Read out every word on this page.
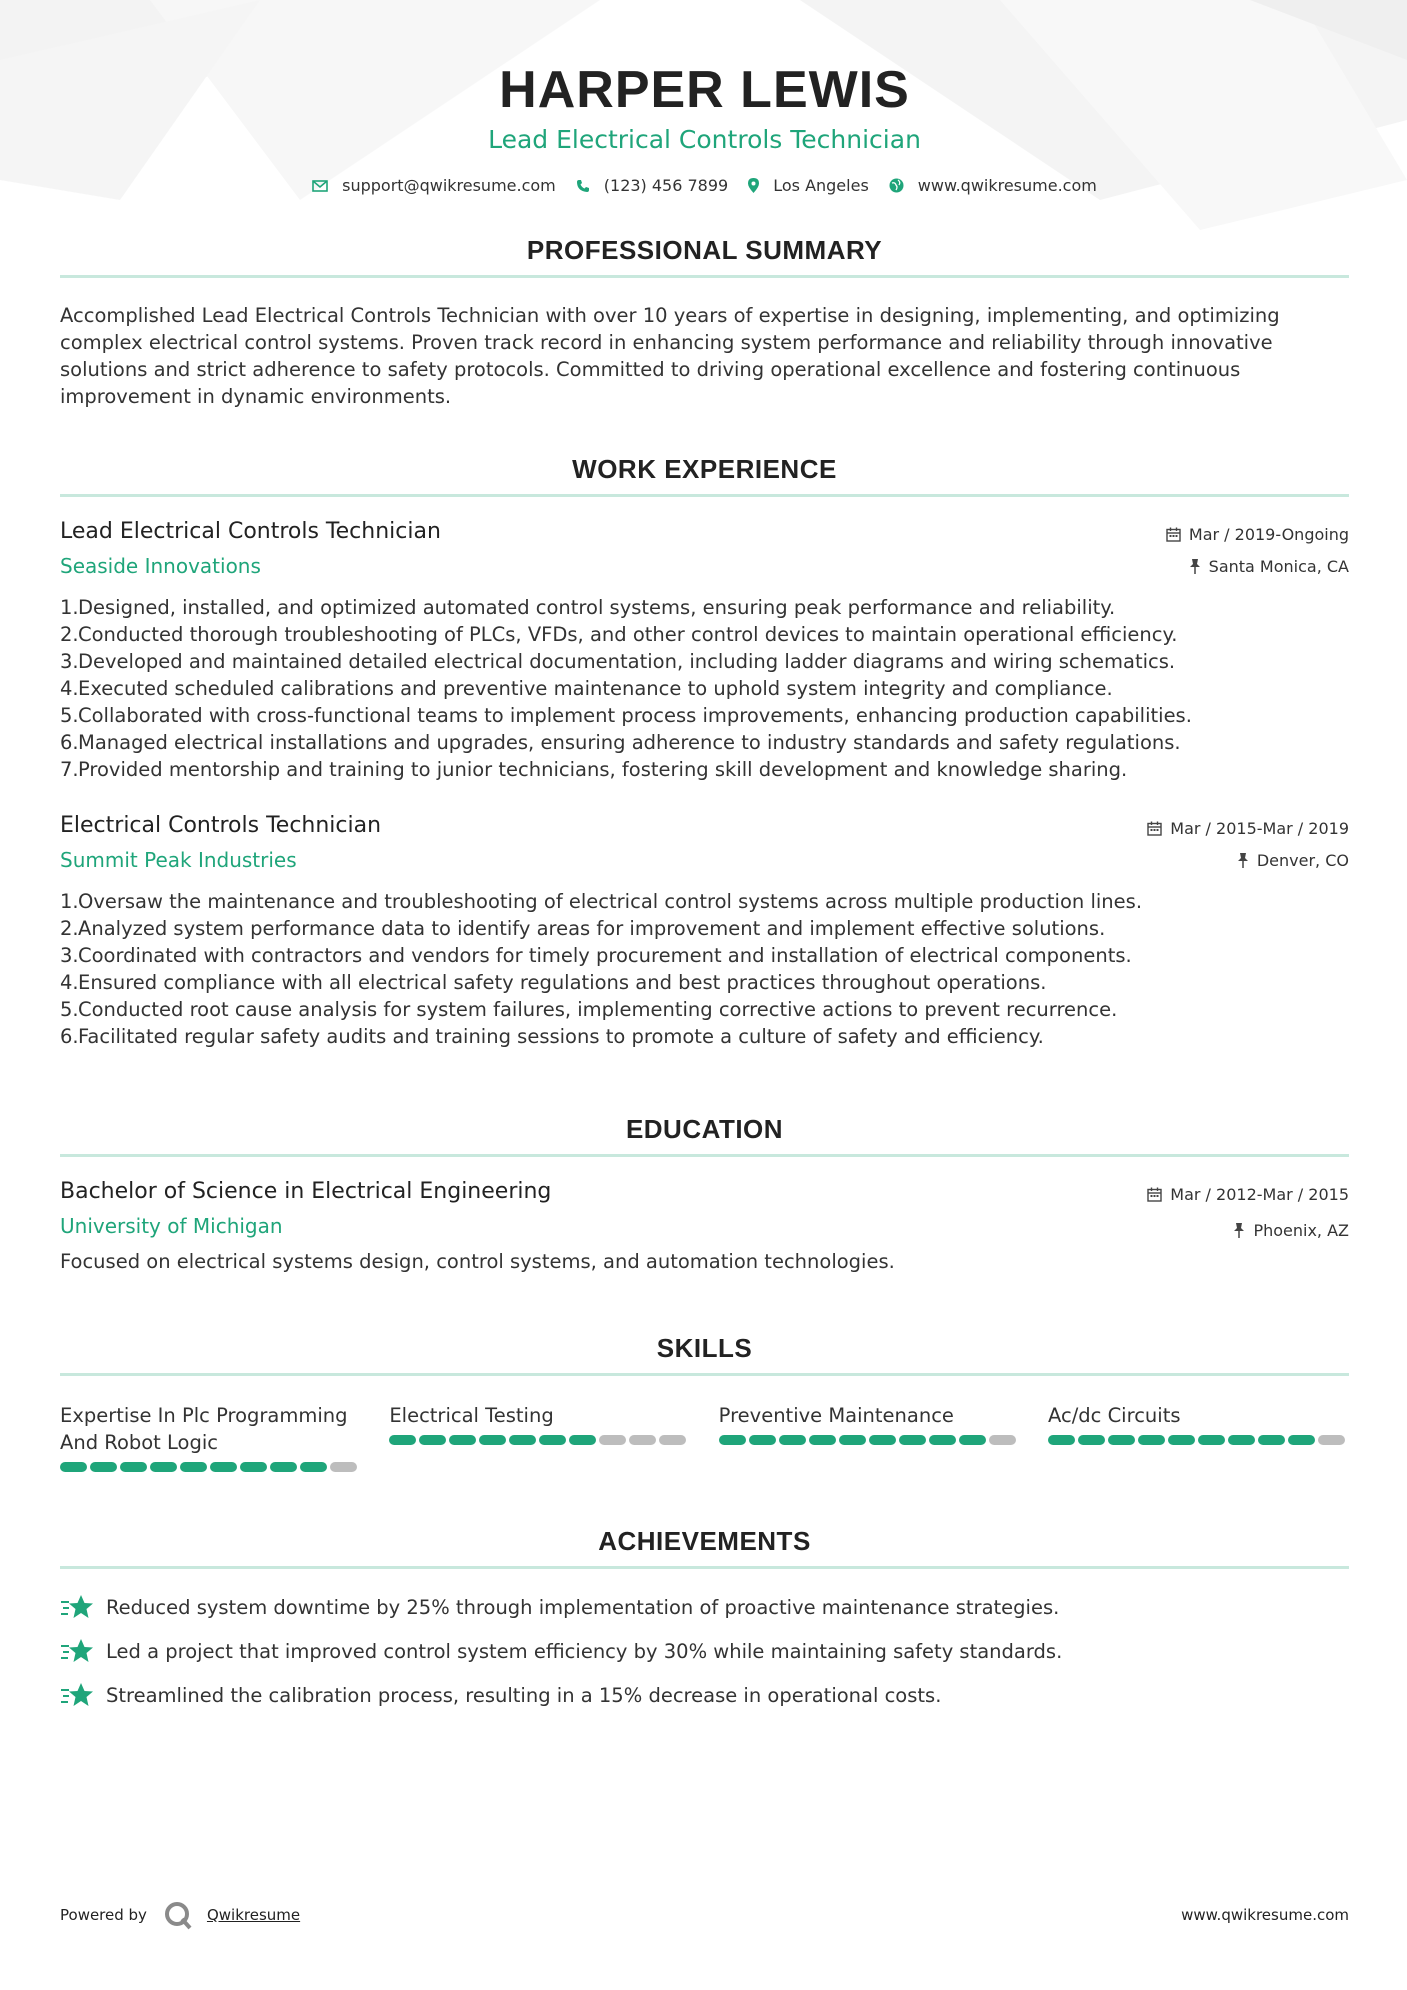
HARPER LEWIS
Lead Electrical Controls Technician
support@qwikresume.com	(123) 456 7899	Los Angeles	www.qwikresume.com
PROFESSIONAL SUMMARY
Accomplished Lead Electrical Controls Technician with over 10 years of expertise in designing, implementing, and optimizing complex electrical control systems. Proven track record in enhancing system performance and reliability through innovative solutions and strict adherence to safety protocols. Committed to driving operational excellence and fostering continuous improvement in dynamic environments.
WORK EXPERIENCE
Mar / 2019-Ongoing
Santa Monica, CA
Lead Electrical Controls Technician
Seaside Innovations
1. Designed, installed, and optimized automated control systems, ensuring peak performance and reliability.
2. Conducted thorough troubleshooting of PLCs, VFDs, and other control devices to maintain operational efficiency.
3. Developed and maintained detailed electrical documentation, including ladder diagrams and wiring schematics.
4. Executed scheduled calibrations and preventive maintenance to uphold system integrity and compliance.
5. Collaborated with cross-functional teams to implement process improvements, enhancing production capabilities.
6. Managed electrical installations and upgrades, ensuring adherence to industry standards and safety regulations.
7. Provided mentorship and training to junior technicians, fostering skill development and knowledge sharing.
Mar / 2015-Mar / 2019
Denver, CO
Electrical Controls Technician
Summit Peak Industries
1. Oversaw the maintenance and troubleshooting of electrical control systems across multiple production lines.
2. Analyzed system performance data to identify areas for improvement and implement effective solutions.
3. Coordinated with contractors and vendors for timely procurement and installation of electrical components.
4. Ensured compliance with all electrical safety regulations and best practices throughout operations.
5. Conducted root cause analysis for system failures, implementing corrective actions to prevent recurrence.
6. Facilitated regular safety audits and training sessions to promote a culture of safety and efficiency.
EDUCATION
Mar / 2012-Mar / 2015
Phoenix, AZ
Bachelor of Science in Electrical Engineering
University of Michigan
Focused on electrical systems design, control systems, and automation technologies.
SKILLS
Expertise In Plc Programming And Robot Logic
Electrical Testing	Preventive Maintenance	Ac/dc Circuits
ACHIEVEMENTS
Reduced system downtime by 25% through implementation of proactive maintenance strategies.
Led a project that improved control system efficiency by 30% while maintaining safety standards.
Streamlined the calibration process, resulting in a 15% decrease in operational costs.
Powered by	Qwikresume	www.qwikresume.com
